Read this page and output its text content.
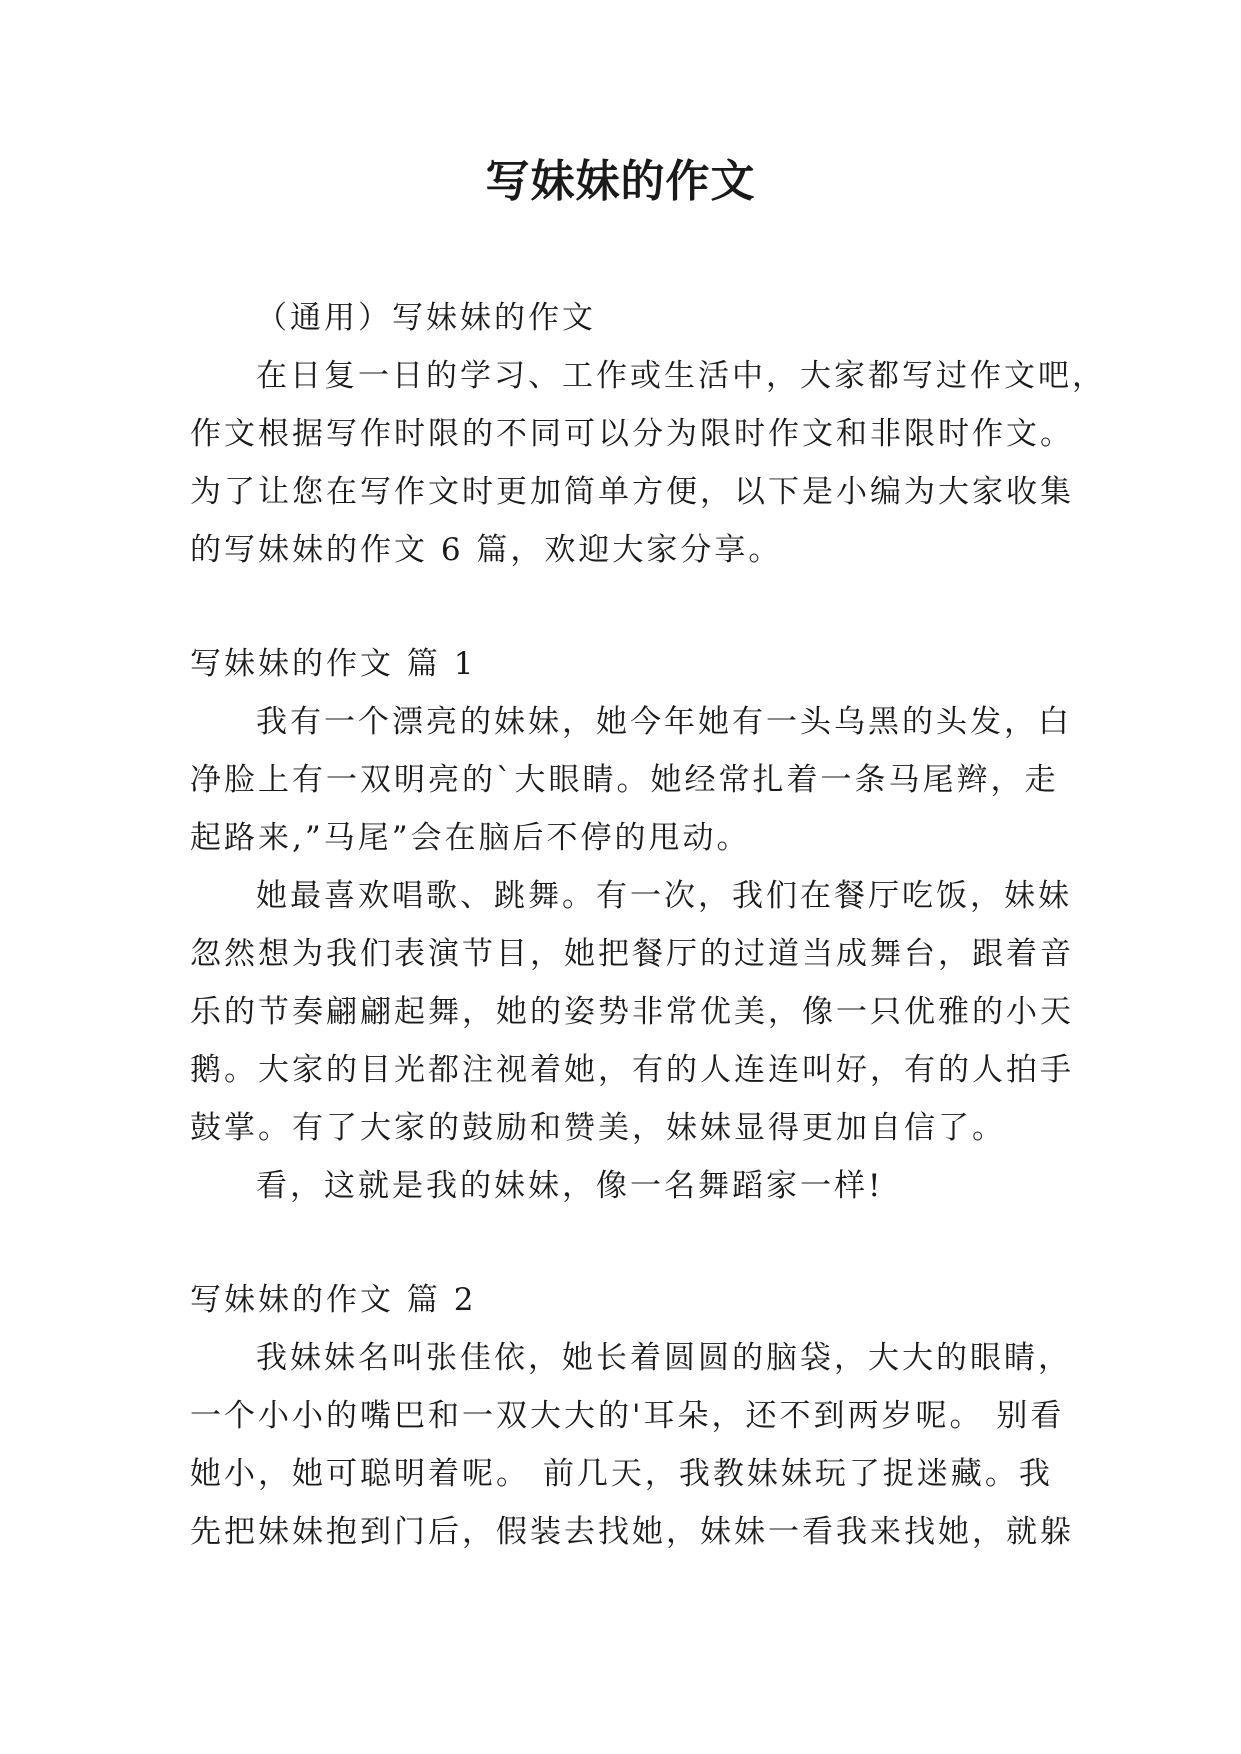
写妹妹的作文
（通用）写妹妹的作文
在日复一日的学习、工作或生活中，大家都写过作文吧，
作文根据写作时限的不同可以分为限时作文和非限时作文。
为了让您在写作文时更加简单方便，以下是小编为大家收集
的写妹妹的作文 6 篇，欢迎大家分享。
写妹妹的作文 篇 1
我有一个漂亮的妹妹，她今年她有一头乌黑的头发，白
净脸上有一双明亮的`大眼睛。她经常扎着一条马尾辫，走
起路来,”马尾”会在脑后不停的甩动。
她最喜欢唱歌、跳舞。有一次，我们在餐厅吃饭，妹妹
忽然想为我们表演节目，她把餐厅的过道当成舞台，跟着音
乐的节奏翩翩起舞，她的姿势非常优美，像一只优雅的小天
鹅。大家的目光都注视着她，有的人连连叫好，有的人拍手
鼓掌。有了大家的鼓励和赞美，妹妹显得更加自信了。
看，这就是我的妹妹，像一名舞蹈家一样!
写妹妹的作文 篇 2
我妹妹名叫张佳依，她长着圆圆的脑袋，大大的眼睛，
一个小小的嘴巴和一双大大的'耳朵，还不到两岁呢。 别看
她小，她可聪明着呢。 前几天，我教妹妹玩了捉迷藏。我
先把妹妹抱到门后，假装去找她，妹妹一看我来找她，就躲
